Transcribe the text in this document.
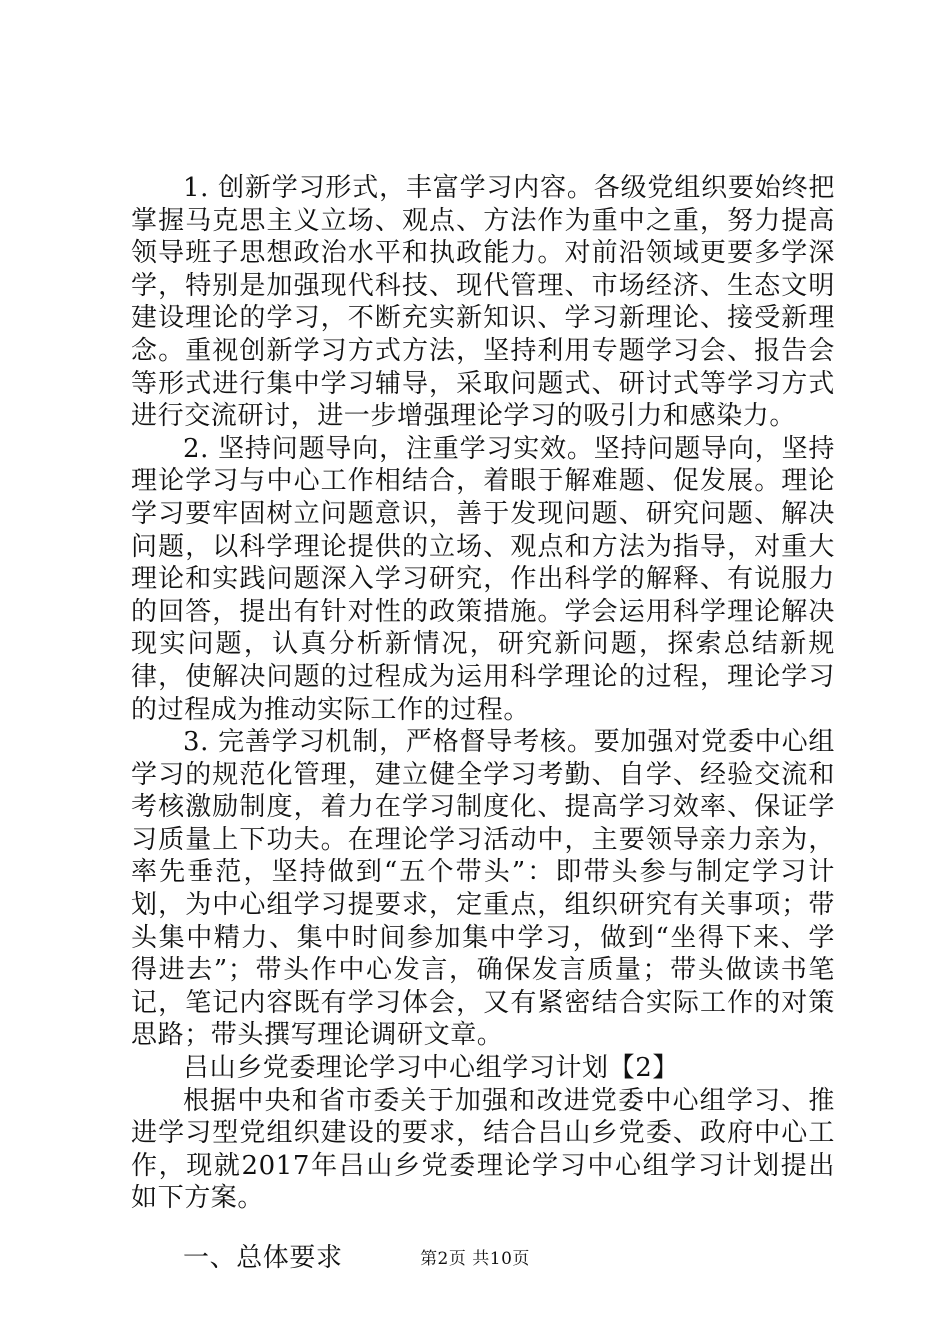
1. 创新学习形式，丰富学习内容。各级党组织要始终把掌握马克思主义立场、观点、方法作为重中之重，努力提高领导班子思想政治水平和执政能力。对前沿领域更要多学深学，特别是加强现代科技、现代管理、市场经济、生态文明建设理论的学习，不断充实新知识、学习新理论、接受新理念。重视创新学习方式方法，坚持利用专题学习会、报告会等形式进行集中学习辅导，采取问题式、研讨式等学习方式进行交流研讨，进一步增强理论学习的吸引力和感染力。

2. 坚持问题导向，注重学习实效。坚持问题导向，坚持理论学习与中心工作相结合，着眼于解难题、促发展。理论学习要牢固树立问题意识，善于发现问题、研究问题、解决问题，以科学理论提供的立场、观点和方法为指导，对重大理论和实践问题深入学习研究，作出科学的解释、有说服力的回答，提出有针对性的政策措施。学会运用科学理论解决现实问题，认真分析新情况，研究新问题，探索总结新规律，使解决问题的过程成为运用科学理论的过程，理论学习的过程成为推动实际工作的过程。

3. 完善学习机制，严格督导考核。要加强对党委中心组学习的规范化管理，建立健全学习考勤、自学、经验交流和考核激励制度，着力在学习制度化、提高学习效率、保证学习质量上下功夫。在理论学习活动中，主要领导亲力亲为，率先垂范，坚持做到“五个带头”：即带头参与制定学习计划，为中心组学习提要求，定重点，组织研究有关事项；带头集中精力、集中时间参加集中学习，做到“坐得下来、学得进去”；带头作中心发言，确保发言质量；带头做读书笔记，笔记内容既有学习体会，又有紧密结合实际工作的对策思路；带头撰写理论调研文章。

吕山乡党委理论学习中心组学习计划【2】

根据中央和省市委关于加强和改进党委中心组学习、推进学习型党组织建设的要求，结合吕山乡党委、政府中心工作，现就2017年吕山乡党委理论学习中心组学习计划提出如下方案。

一、总体要求	第2页 共10页
